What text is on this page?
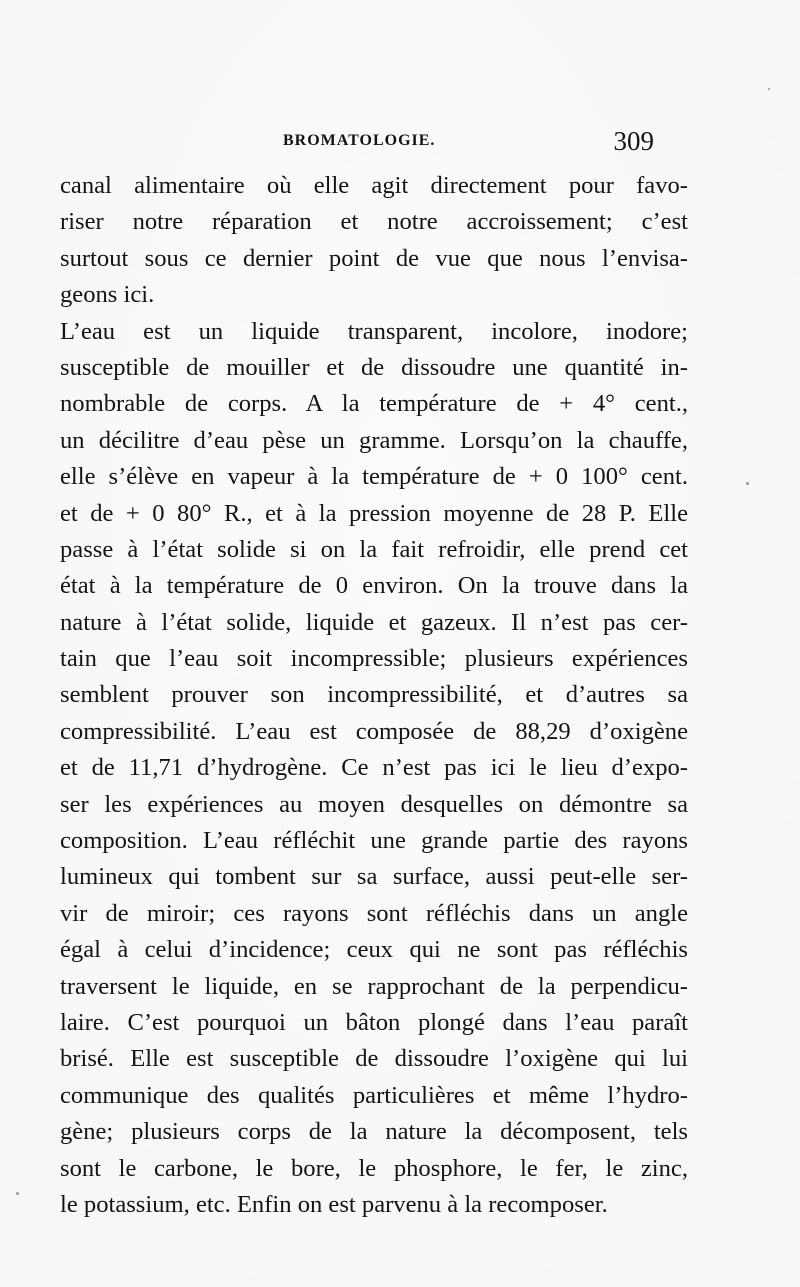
BROMATOLOGIE.	309
canal alimentaire où elle agit directement pour favo-
riser notre réparation et notre accroissement; c’est
surtout sous ce dernier point de vue que nous l’envisa-
geons ici.
L’eau est un liquide transparent, incolore, inodore;
susceptible de mouiller et de dissoudre une quantité in-
nombrable de corps. A la température de + 4° cent.,
un décilitre d’eau pèse un gramme. Lorsqu’on la chauffe,
elle s’élève en vapeur à la température de + 0 100° cent.
et de + 0 80° R., et à la pression moyenne de 28 P. Elle
passe à l’état solide si on la fait refroidir, elle prend cet
état à la température de 0 environ. On la trouve dans la
nature à l’état solide, liquide et gazeux. Il n’est pas cer-
tain que l’eau soit incompressible; plusieurs expériences
semblent prouver son incompressibilité, et d’autres sa
compressibilité. L’eau est composée de 88,29 d’oxigène
et de 11,71 d’hydrogène. Ce n’est pas ici le lieu d’expo-
ser les expériences au moyen desquelles on démontre sa
composition. L’eau réfléchit une grande partie des rayons
lumineux qui tombent sur sa surface, aussi peut-elle ser-
vir de miroir; ces rayons sont réfléchis dans un angle
égal à celui d’incidence; ceux qui ne sont pas réfléchis
traversent le liquide, en se rapprochant de la perpendicu-
laire. C’est pourquoi un bâton plongé dans l’eau paraît
brisé. Elle est susceptible de dissoudre l’oxigène qui lui
communique des qualités particulières et même l’hydro-
gène; plusieurs corps de la nature la décomposent, tels
sont le carbone, le bore, le phosphore, le fer, le zinc,
le potassium, etc. Enfin on est parvenu à la recomposer.
